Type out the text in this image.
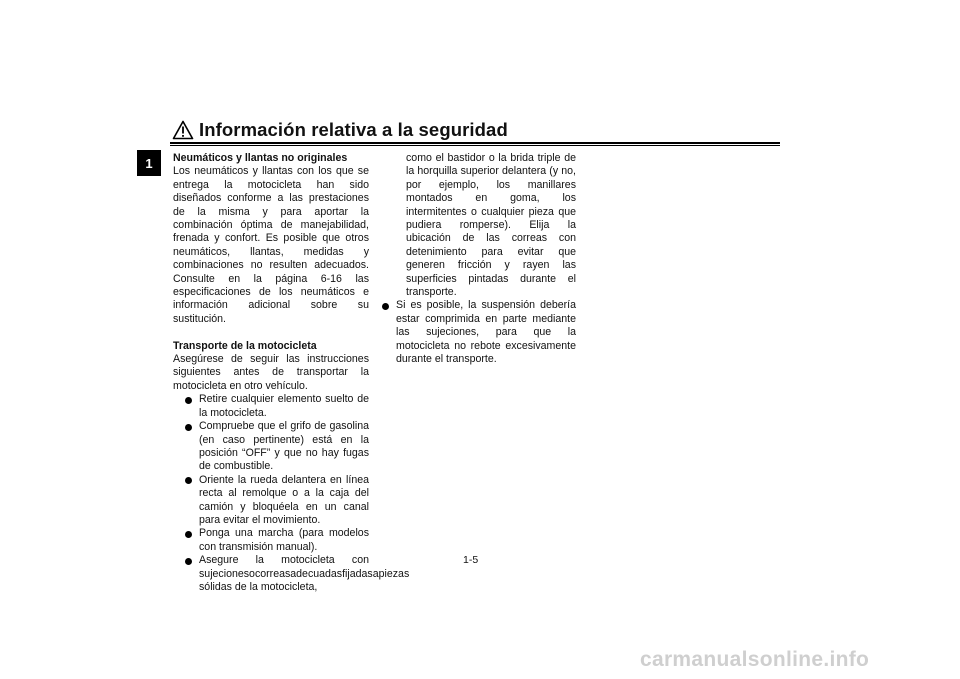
1
Información relativa a la seguridad
Neumáticos y llantas no originales
Los neumáticos y llantas con los que se entrega la motocicleta han sido diseñados conforme a las prestaciones de la misma y para aportar la combinación óptima de manejabilidad, frenada y confort. Es posible que otros neumáticos, llantas, medidas y combinaciones no resulten adecuados. Consulte en la página 6-16 las especificaciones de los neumáticos e información adicional sobre su sustitución.
Transporte de la motocicleta
Asegúrese de seguir las instrucciones siguientes antes de transportar la motocicleta en otro vehículo.
Retire cualquier elemento suelto de la motocicleta.
Compruebe que el grifo de gasolina (en caso pertinente) está en la posición “OFF” y que no hay fugas de combustible.
Oriente la rueda delantera en línea recta al remolque o a la caja del camión y bloquéela en un canal para evitar el movimiento.
Ponga una marcha (para modelos con transmisión manual).
Asegure la motocicleta con sujecionesocorreasadecuadasfijadasapiezas sólidas de la motocicleta,
como el bastidor o la brida triple de la horquilla superior delantera (y no, por ejemplo, los manillares montados en goma, los intermitentes o cualquier pieza que pudiera romperse). Elija la ubicación de las correas con detenimiento para evitar que generen fricción y rayen las superficies pintadas durante el transporte.
Si es posible, la suspensión debería estar comprimida en parte mediante las sujeciones, para que la motocicleta no rebote excesivamente durante el transporte.
1-5
carmanualsonline.info
